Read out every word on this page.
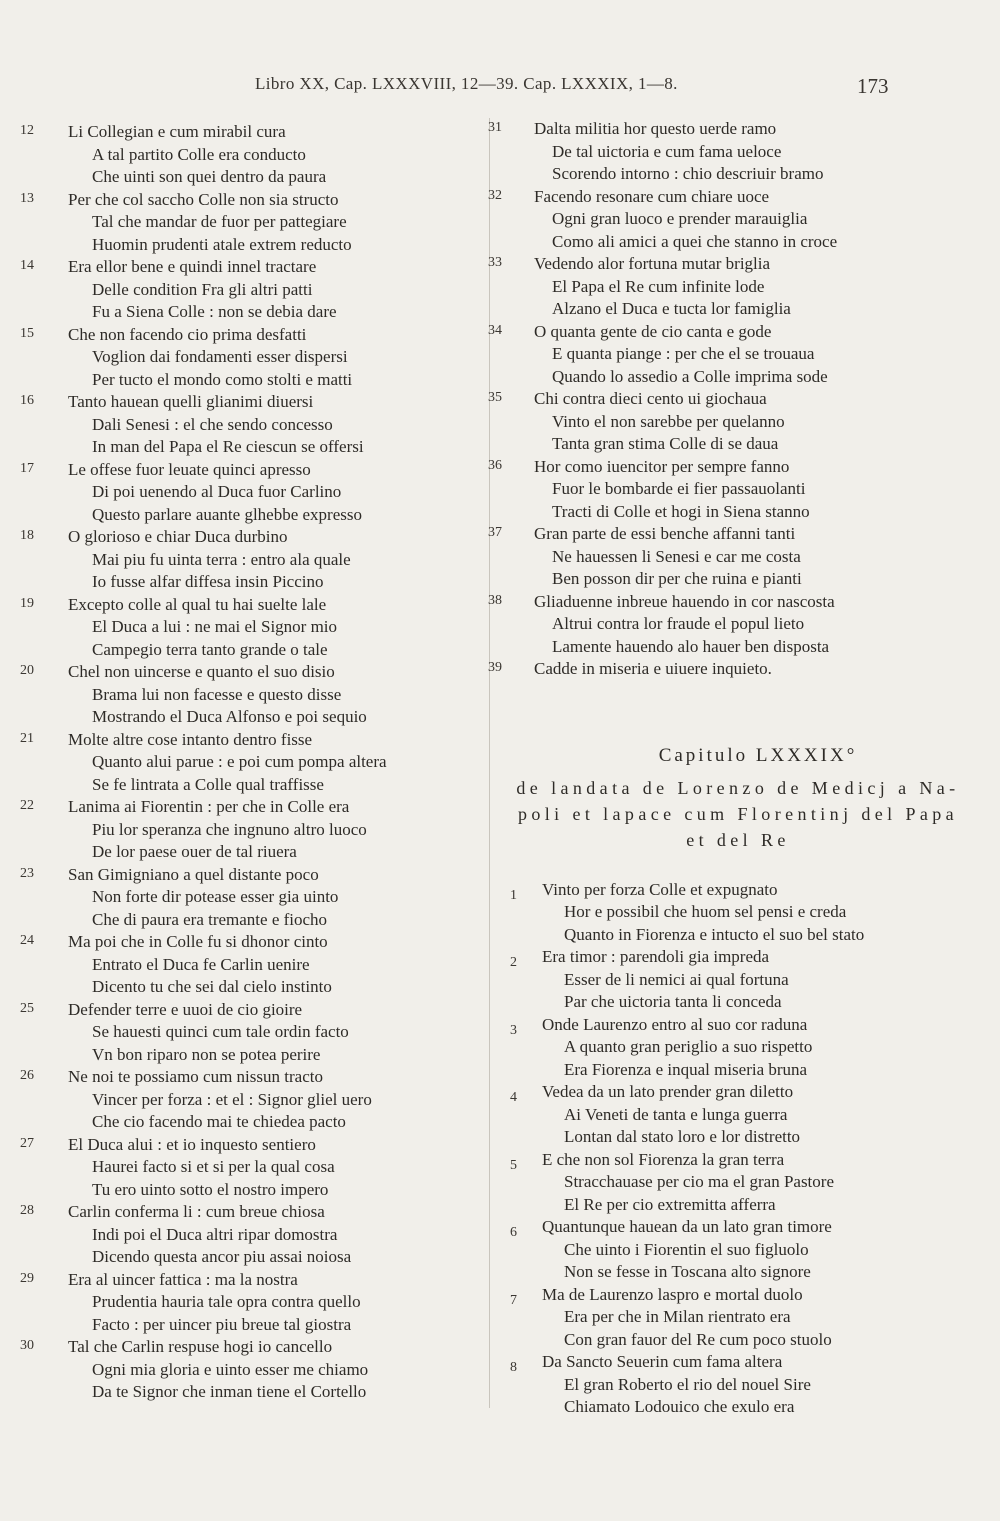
Libro XX, Cap. LXXXVIII, 12—39. Cap. LXXXIX, 1—8.	173
12	Li Collegian e cum mirabil cura
A tal partito Colle era conducto
Che uinti son quei dentro da paura
13	Per che col saccho Colle non sia structo
Tal che mandar de fuor per pattegiare
Huomin prudenti atale extrem reducto
14	Era ellor bene e quindi innel tractare
Delle condition Fra gli altri patti
Fu a Siena Colle : non se debia dare
15	Che non facendo cio prima desfatti
Voglion dai fondamenti esser dispersi
Per tucto el mondo como stolti e matti
16	Tanto hauean quelli glianimi diuersi
Dali Senesi : el che sendo concesso
In man del Papa el Re ciescun se offersi
17	Le offese fuor leuate quinci apresso
Di poi uenendo al Duca fuor Carlino
Questo parlare auante glhebbe expresso
18	O glorioso e chiar Duca durbino
Mai piu fu uinta terra : entro ala quale
Io fusse alfar diffesa insin Piccino
19	Excepto colle al qual tu hai suelte lale
El Duca a lui : ne mai el Signor mio
Campegio terra tanto grande o tale
20	Chel non uincerse e quanto el suo disio
Brama lui non facesse e questo disse
Mostrando el Duca Alfonso e poi sequio
21	Molte altre cose intanto dentro fisse
Quanto alui parue : e poi cum pompa altera
Se fe lintrata a Colle qual traffisse
22	Lanima ai Fiorentin : per che in Colle era
Piu lor speranza che ingnuno altro luoco
De lor paese ouer de tal riuera
23	San Gimigniano a quel distante poco
Non forte dir potease esser gia uinto
Che di paura era tremante e fiocho
24	Ma poi che in Colle fu si dhonor cinto
Entrato el Duca fe Carlin uenire
Dicento tu che sei dal cielo instinto
25	Defender terre e uuoi de cio gioire
Se hauesti quinci cum tale ordin facto
Vn bon riparo non se potea perire
26	Ne noi te possiamo cum nissun tracto
Vincer per forza : et el : Signor gliel uero
Che cio facendo mai te chiedea pacto
27	El Duca alui : et io inquesto sentiero
Haurei facto si et si per la qual cosa
Tu ero uinto sotto el nostro impero
28	Carlin conferma li : cum breue chiosa
Indi poi el Duca altri ripar domostra
Dicendo questa ancor piu assai noiosa
29	Era al uincer fattica : ma la nostra
Prudentia hauria tale opra contra quello
Facto : per uincer piu breue tal giostra
30	Tal che Carlin respuse hogi io cancello
Ogni mia gloria e uinto esser me chiamo
Da te Signor che inman tiene el Cortello
31	Dalta militia hor questo uerde ramo
De tal uictoria e cum fama ueloce
Scorendo intorno : chio descriuir bramo
32	Facendo resonare cum chiare uoce
Ogni gran luoco e prender marauiglia
Como ali amici a quei che stanno in croce
33	Vedendo alor fortuna mutar briglia
El Papa el Re cum infinite lode
Alzano el Duca e tucta lor famiglia
34	O quanta gente de cio canta e gode
E quanta piange : per che el se trouaua
Quando lo assedio a Colle imprima sode
35	Chi contra dieci cento ui giochaua
Vinto el non sarebbe per quelanno
Tanta gran stima Colle di se daua
36	Hor como iuencitor per sempre fanno
Fuor le bombarde ei fier passauolanti
Tracti di Colle et hogi in Siena stanno
37	Gran parte de essi benche affanni tanti
Ne hauessen li Senesi e car me costa
Ben posson dir per che ruina e pianti
38	Gliaduenne inbreue hauendo in cor nascosta
Altrui contra lor fraude el popul lieto
Lamente hauendo alo hauer ben disposta
39	Cadde in miseria e uiuere inquieto.
Capitulo LXXXIX°
de landata de Lorenzo de Medicj a Na-
poli et lapace cum Florentinj del Papa
et del Re
1	Vinto per forza Colle et expugnato
Hor e possibil che huom sel pensi e creda
Quanto in Fiorenza e intucto el suo bel stato
2	Era timor : parendoli gia impreda
Esser de li nemici ai qual fortuna
Par che uictoria tanta li conceda
3	Onde Laurenzo entro al suo cor raduna
A quanto gran periglio a suo rispetto
Era Fiorenza e inqual miseria bruna
4	Vedea da un lato prender gran diletto
Ai Veneti de tanta e lunga guerra
Lontan dal stato loro e lor distretto
5	E che non sol Fiorenza la gran terra
Stracchauase per cio ma el gran Pastore
El Re per cio extremitta afferra
6	Quantunque hauean da un lato gran timore
Che uinto i Fiorentin el suo figluolo
Non se fesse in Toscana alto signore
7	Ma de Laurenzo laspro e mortal duolo
Era per che in Milan rientrato era
Con gran fauor del Re cum poco stuolo
8	Da Sancto Seuerin cum fama altera
El gran Roberto el rio del nouel Sire
Chiamato Lodouico che exulo era
